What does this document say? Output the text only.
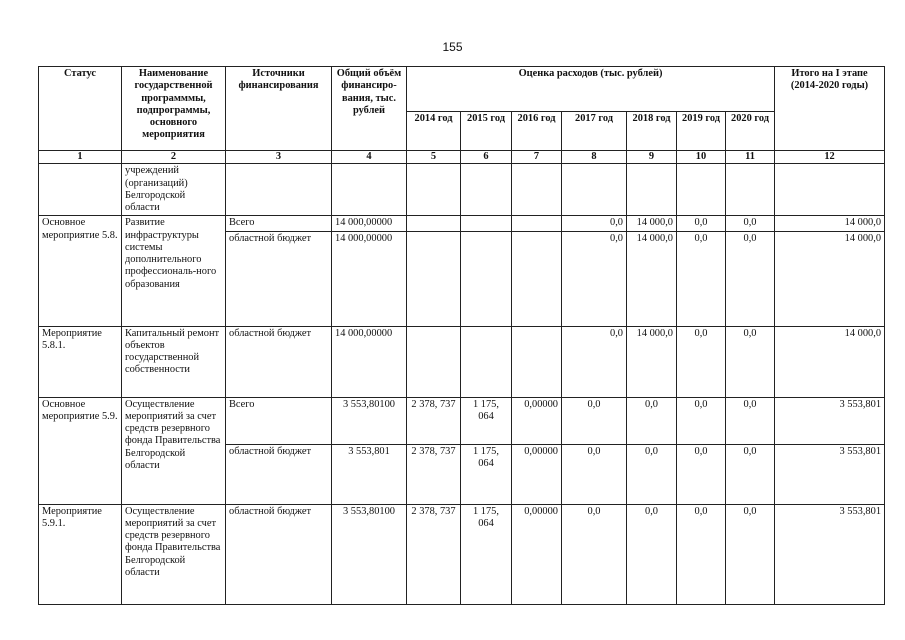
155
Статус	Наименование государственной программмы, подпрограммы, основного мероприятия	Источники финансирования	Общий объём финансиро-вания, тыс. рублей	Оценка расходов (тыс. рублей)							Итого на I этапе (2014-2020 годы)
				2014 год	2015 год	2016 год	2017 год	2018 год	2019 год	2020 год	
1	2	3	4	5	6	7	8	9	10	11	12
	учреждений (организаций) Белгородской области										
Основное мероприятие 5.8.	Развитие инфраструктуры системы дополнительного профессиональ-ного образования	Всего	14 000,00000				0,0	14 000,0	0,0	0,0	14 000,0
		областной бюджет	14 000,00000				0,0	14 000,0	0,0	0,0	14 000,0
Мероприятие 5.8.1.	Капитальный ремонт объектов государственной собственности	областной бюджет	14 000,00000				0,0	14 000,0	0,0	0,0	14 000,0
Основное мероприятие 5.9.	Осуществление мероприятий за счет средств резервного фонда Правительства Белгородской области	Всего	3 553,80100	2 378, 737	1 175, 064	0,00000	0,0	0,0	0,0	0,0	3 553,801
		областной бюджет	3 553,801	2 378, 737	1 175, 064	0,00000	0,0	0,0	0,0	0,0	3 553,801
Мероприятие 5.9.1.	Осуществление мероприятий за счет средств резервного фонда Правительства Белгородской области	областной бюджет	3 553,80100	2 378, 737	1 175, 064	0,00000	0,0	0,0	0,0	0,0	3 553,801
